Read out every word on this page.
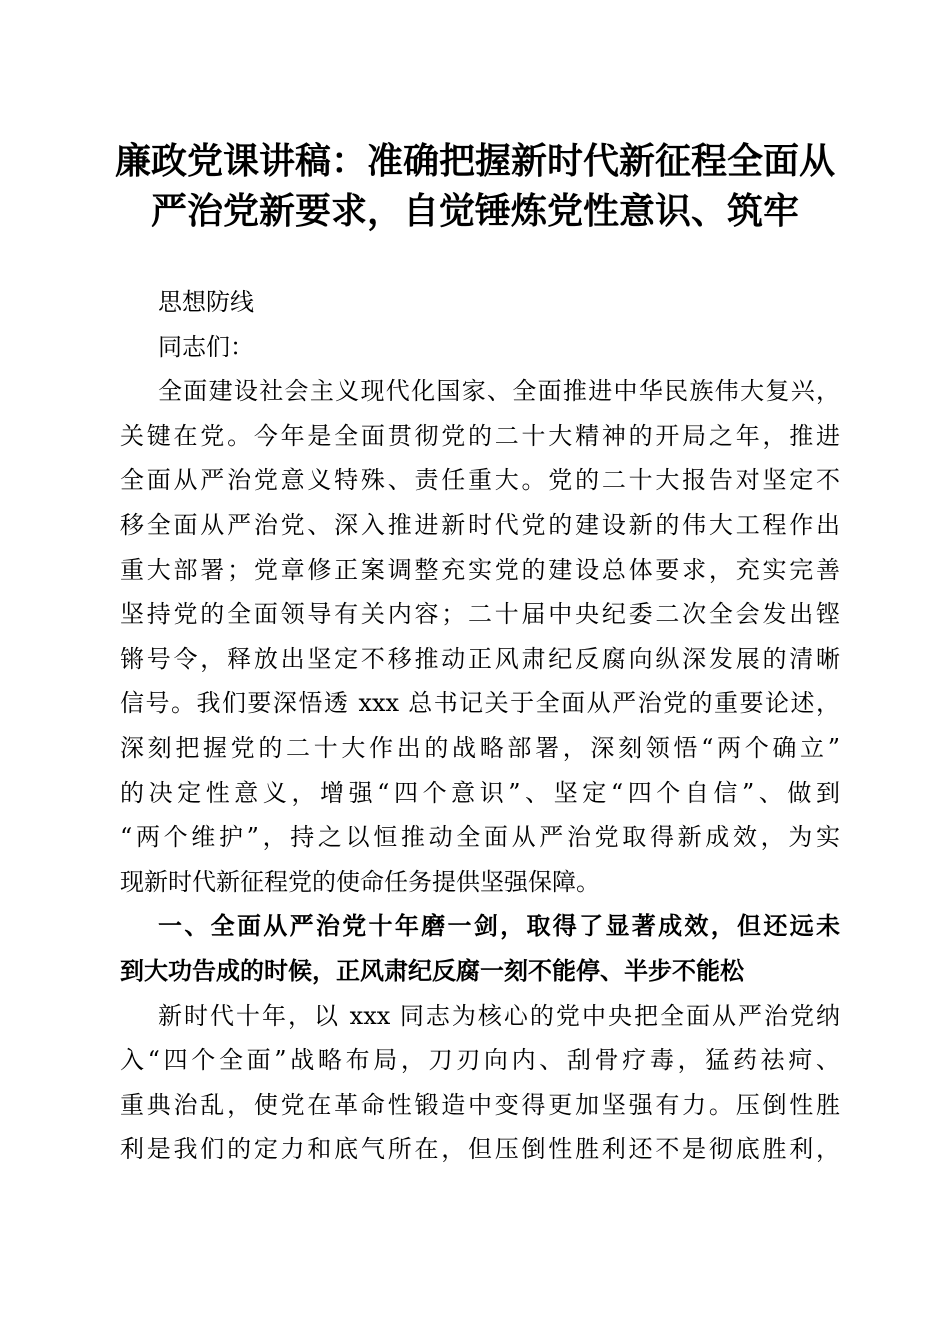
廉政党课讲稿：准确把握新时代新征程全面从
严治党新要求，自觉锤炼党性意识、筑牢
思想防线
同志们：
全面建设社会主义现代化国家、全面推进中华民族伟大复兴，
关键在党。今年是全面贯彻党的二十大精神的开局之年，推进
全面从严治党意义特殊、责任重大。党的二十大报告对坚定不
移全面从严治党、深入推进新时代党的建设新的伟大工程作出
重大部署；党章修正案调整充实党的建设总体要求，充实完善
坚持党的全面领导有关内容；二十届中央纪委二次全会发出铿
锵号令，释放出坚定不移推动正风肃纪反腐向纵深发展的清晰
信号。我们要深悟透 xxx 总书记关于全面从严治党的重要论述，
深刻把握党的二十大作出的战略部署，深刻领悟“两个确立”
的决定性意义，增强“四个意识”、坚定“四个自信”、做到
“两个维护”，持之以恒推动全面从严治党取得新成效，为实
现新时代新征程党的使命任务提供坚强保障。
一、全面从严治党十年磨一剑，取得了显著成效，但还远未
到大功告成的时候，正风肃纪反腐一刻不能停、半步不能松
新时代十年，以 xxx 同志为核心的党中央把全面从严治党纳
入“四个全面”战略布局，刀刃向内、刮骨疗毒，猛药祛疴、
重典治乱，使党在革命性锻造中变得更加坚强有力。压倒性胜
利是我们的定力和底气所在，但压倒性胜利还不是彻底胜利，
